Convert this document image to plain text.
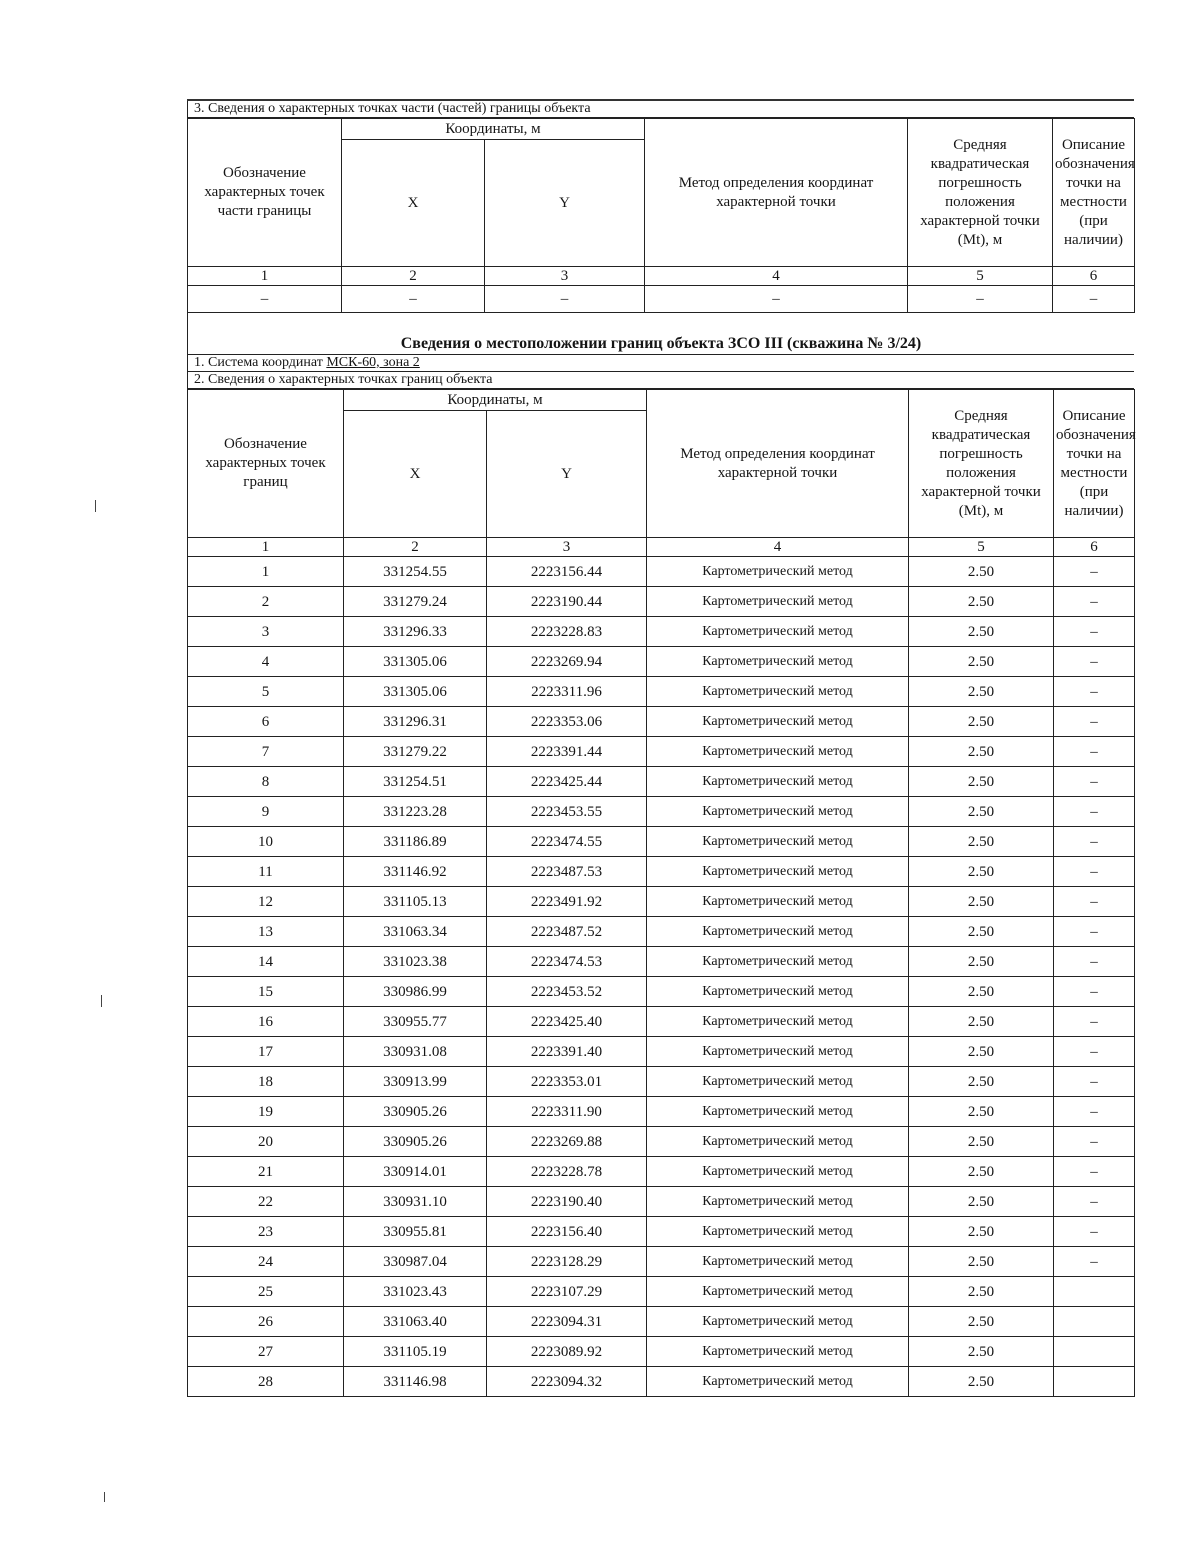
3. Сведения о характерных точках части (частей) границы объекта
Обозначение характерных точек части границы	Координаты, м		Метод определения координат характерной точки	Средняя квадратическая погрешность положения характерной точки (Мt), м	Описание обозначения точки на местности (при наличии)
	X	Y			
1	2	3	4	5	6
–	–	–	–	–	–
Сведения о местоположении границ объекта ЗСО III (скважина № 3/24)
1. Система координат МСК-60, зона 2
2. Сведения о характерных точках границ объекта
Обозначение характерных точек границ	Координаты, м		Метод определения координат характерной точки	Средняя квадратическая погрешность положения характерной точки (Мt), м	Описание обозначения точки на местности (при наличии)
	X	Y			
1	2	3	4	5	6
1	331254.55	2223156.44	Картометрический метод	2.50	–
2	331279.24	2223190.44	Картометрический метод	2.50	–
3	331296.33	2223228.83	Картометрический метод	2.50	–
4	331305.06	2223269.94	Картометрический метод	2.50	–
5	331305.06	2223311.96	Картометрический метод	2.50	–
6	331296.31	2223353.06	Картометрический метод	2.50	–
7	331279.22	2223391.44	Картометрический метод	2.50	–
8	331254.51	2223425.44	Картометрический метод	2.50	–
9	331223.28	2223453.55	Картометрический метод	2.50	–
10	331186.89	2223474.55	Картометрический метод	2.50	–
11	331146.92	2223487.53	Картометрический метод	2.50	–
12	331105.13	2223491.92	Картометрический метод	2.50	–
13	331063.34	2223487.52	Картометрический метод	2.50	–
14	331023.38	2223474.53	Картометрический метод	2.50	–
15	330986.99	2223453.52	Картометрический метод	2.50	–
16	330955.77	2223425.40	Картометрический метод	2.50	–
17	330931.08	2223391.40	Картометрический метод	2.50	–
18	330913.99	2223353.01	Картометрический метод	2.50	–
19	330905.26	2223311.90	Картометрический метод	2.50	–
20	330905.26	2223269.88	Картометрический метод	2.50	–
21	330914.01	2223228.78	Картометрический метод	2.50	–
22	330931.10	2223190.40	Картометрический метод	2.50	–
23	330955.81	2223156.40	Картометрический метод	2.50	–
24	330987.04	2223128.29	Картометрический метод	2.50	–
25	331023.43	2223107.29	Картометрический метод	2.50	
26	331063.40	2223094.31	Картометрический метод	2.50	
27	331105.19	2223089.92	Картометрический метод	2.50	
28	331146.98	2223094.32	Картометрический метод	2.50	
